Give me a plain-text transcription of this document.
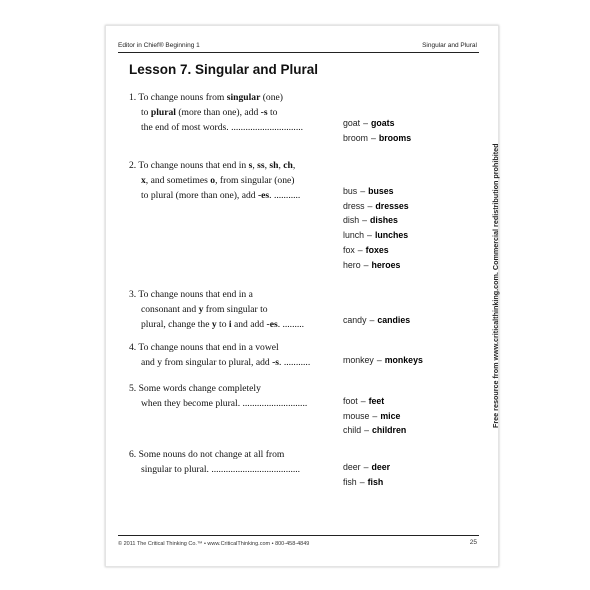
Editor in Chief® Beginning 1	Singular and Plural
Lesson 7. Singular and Plural
1. To change nouns from singular (one)
to plural (more than one), add -s to
the end of most words. ..............................	goat – goats
broom – brooms
2. To change nouns that end in s, ss, sh, ch,
x, and sometimes o, from singular (one)
to plural (more than one), add -es. ...........	bus – buses
dress – dresses
dish – dishes
lunch – lunches
fox – foxes
hero – heroes
3. To change nouns that end in a
consonant and y from singular to
plural, change the y to i and add -es. .........	candy – candies
4. To change nouns that end in a vowel
and y from singular to plural, add -s. ...........	monkey – monkeys
5. Some words change completely
when they become plural. ...........................	foot – feet
mouse – mice
child – children
6. Some nouns do not change at all from
singular to plural. .....................................	deer – deer
fish – fish
Free resource from www.criticalthinking.com. Commercial redistribution prohibited
© 2011 The Critical Thinking Co.™ • www.CriticalThinking.com • 800-458-4849	25
